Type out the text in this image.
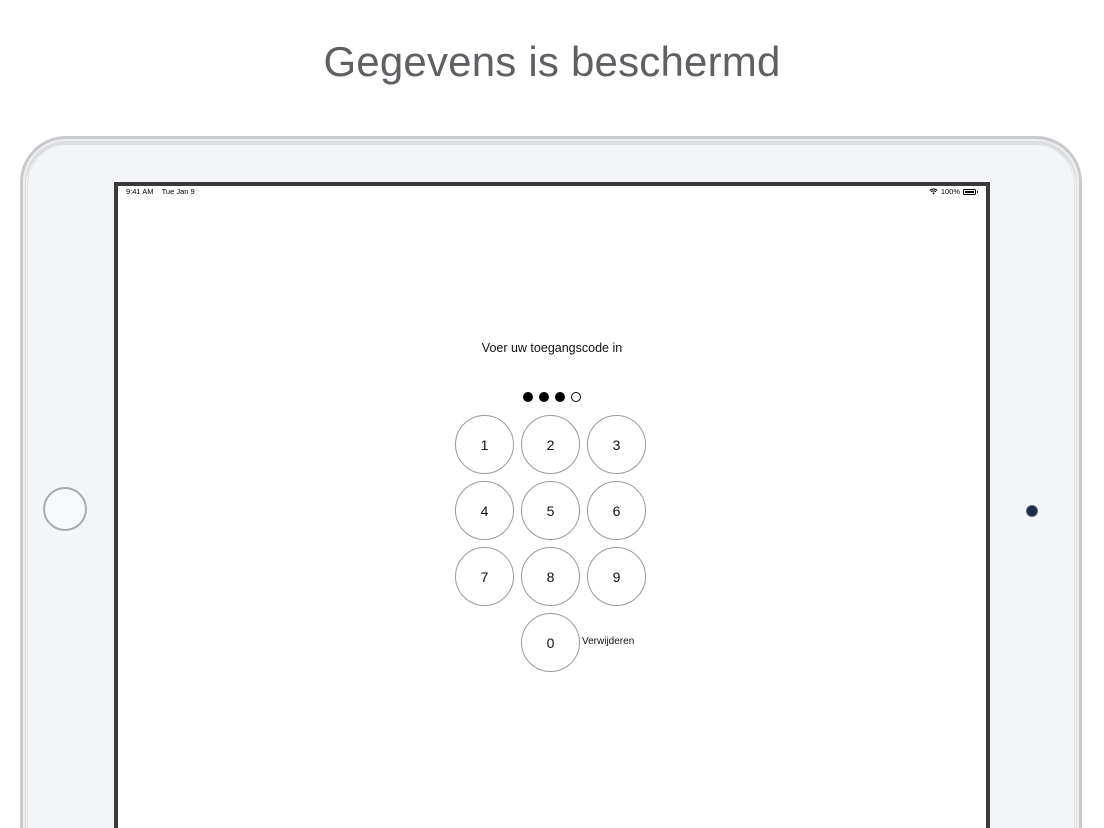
Gegevens is beschermd
9:41 AM Tue Jan 9	100%
Voer uw toegangscode in
Verwijderen
1	2	3
4	5	6
7	8	9
0
